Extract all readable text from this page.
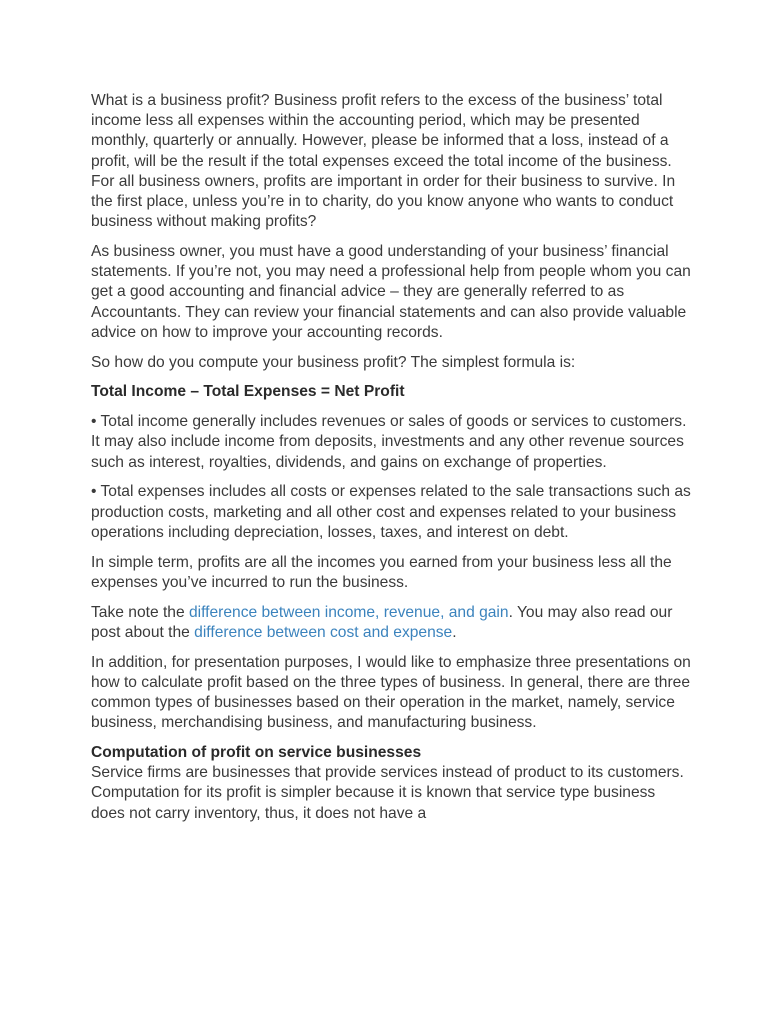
What is a business profit? Business profit refers to the excess of the business’ total income less all expenses within the accounting period, which may be presented monthly, quarterly or annually. However, please be informed that a loss, instead of a profit, will be the result if the total expenses exceed the total income of the business. For all business owners, profits are important in order for their business to survive. In the first place, unless you’re in to charity, do you know anyone who wants to conduct business without making profits?

As business owner, you must have a good understanding of your business’ financial statements. If you’re not, you may need a professional help from people whom you can get a good accounting and financial advice – they are generally referred to as Accountants. They can review your financial statements and can also provide valuable advice on how to improve your accounting records.

So how do you compute your business profit? The simplest formula is:

Total Income – Total Expenses = Net Profit

• Total income generally includes revenues or sales of goods or services to customers. It may also include income from deposits, investments and any other revenue sources such as interest, royalties, dividends, and gains on exchange of properties.

• Total expenses includes all costs or expenses related to the sale transactions such as production costs, marketing and all other cost and expenses related to your business operations including depreciation, losses, taxes, and interest on debt.

In simple term, profits are all the incomes you earned from your business less all the expenses you’ve incurred to run the business.

Take note the difference between income, revenue, and gain. You may also read our post about the difference between cost and expense.

In addition, for presentation purposes, I would like to emphasize three presentations on how to calculate profit based on the three types of business. In general, there are three common types of businesses based on their operation in the market, namely, service business, merchandising business, and manufacturing business.

Computation of profit on service businesses
Service firms are businesses that provide services instead of product to its customers. Computation for its profit is simpler because it is known that service type business does not carry inventory, thus, it does not have a
